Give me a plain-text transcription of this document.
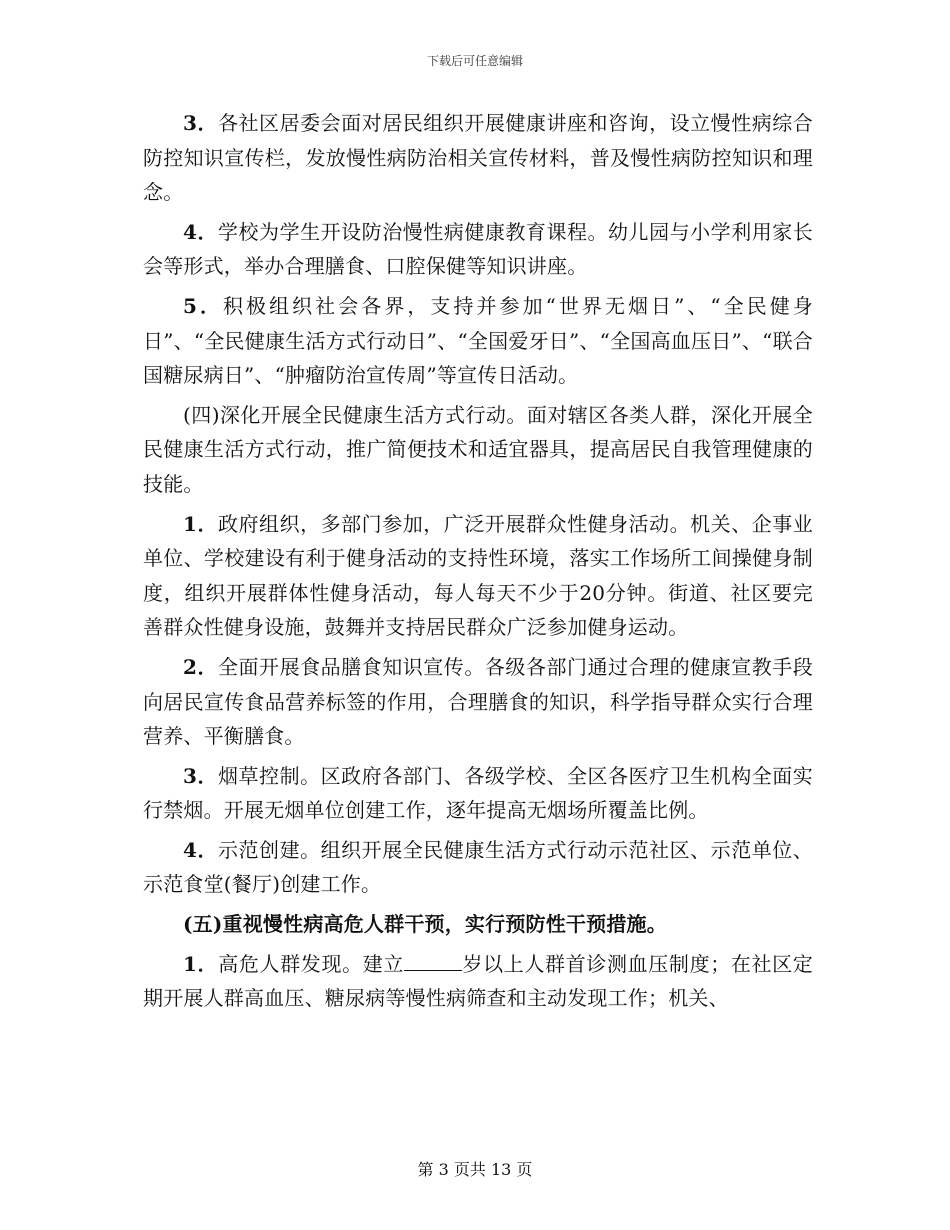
下载后可任意编辑

3．各社区居委会面对居民组织开展健康讲座和咨询，设立慢性病综合防控知识宣传栏，发放慢性病防治相关宣传材料，普及慢性病防控知识和理念。

4．学校为学生开设防治慢性病健康教育课程。幼儿园与小学利用家长会等形式，举办合理膳食、口腔保健等知识讲座。

5．积极组织社会各界，支持并参加“世界无烟日”、“全民健身日”、“全民健康生活方式行动日”、“全国爱牙日”、“全国高血压日”、“联合国糖尿病日”、“肿瘤防治宣传周”等宣传日活动。

(四)深化开展全民健康生活方式行动。面对辖区各类人群，深化开展全民健康生活方式行动，推广简便技术和适宜器具，提高居民自我管理健康的技能。

1．政府组织，多部门参加，广泛开展群众性健身活动。机关、企事业单位、学校建设有利于健身活动的支持性环境，落实工作场所工间操健身制度，组织开展群体性健身活动，每人每天不少于20分钟。街道、社区要完善群众性健身设施，鼓舞并支持居民群众广泛参加健身运动。

2．全面开展食品膳食知识宣传。各级各部门通过合理的健康宣教手段向居民宣传食品营养标签的作用，合理膳食的知识，科学指导群众实行合理营养、平衡膳食。

3．烟草控制。区政府各部门、各级学校、全区各医疗卫生机构全面实行禁烟。开展无烟单位创建工作，逐年提高无烟场所覆盖比例。

4．示范创建。组织开展全民健康生活方式行动示范社区、示范单位、示范食堂(餐厅)创建工作。

(五)重视慢性病高危人群干预，实行预防性干预措施。

1．高危人群发现。建立	岁以上人群首诊测血压制度；在社区定期开展人群高血压、糖尿病等慢性病筛查和主动发现工作；机关、

第 3 页共 13 页
